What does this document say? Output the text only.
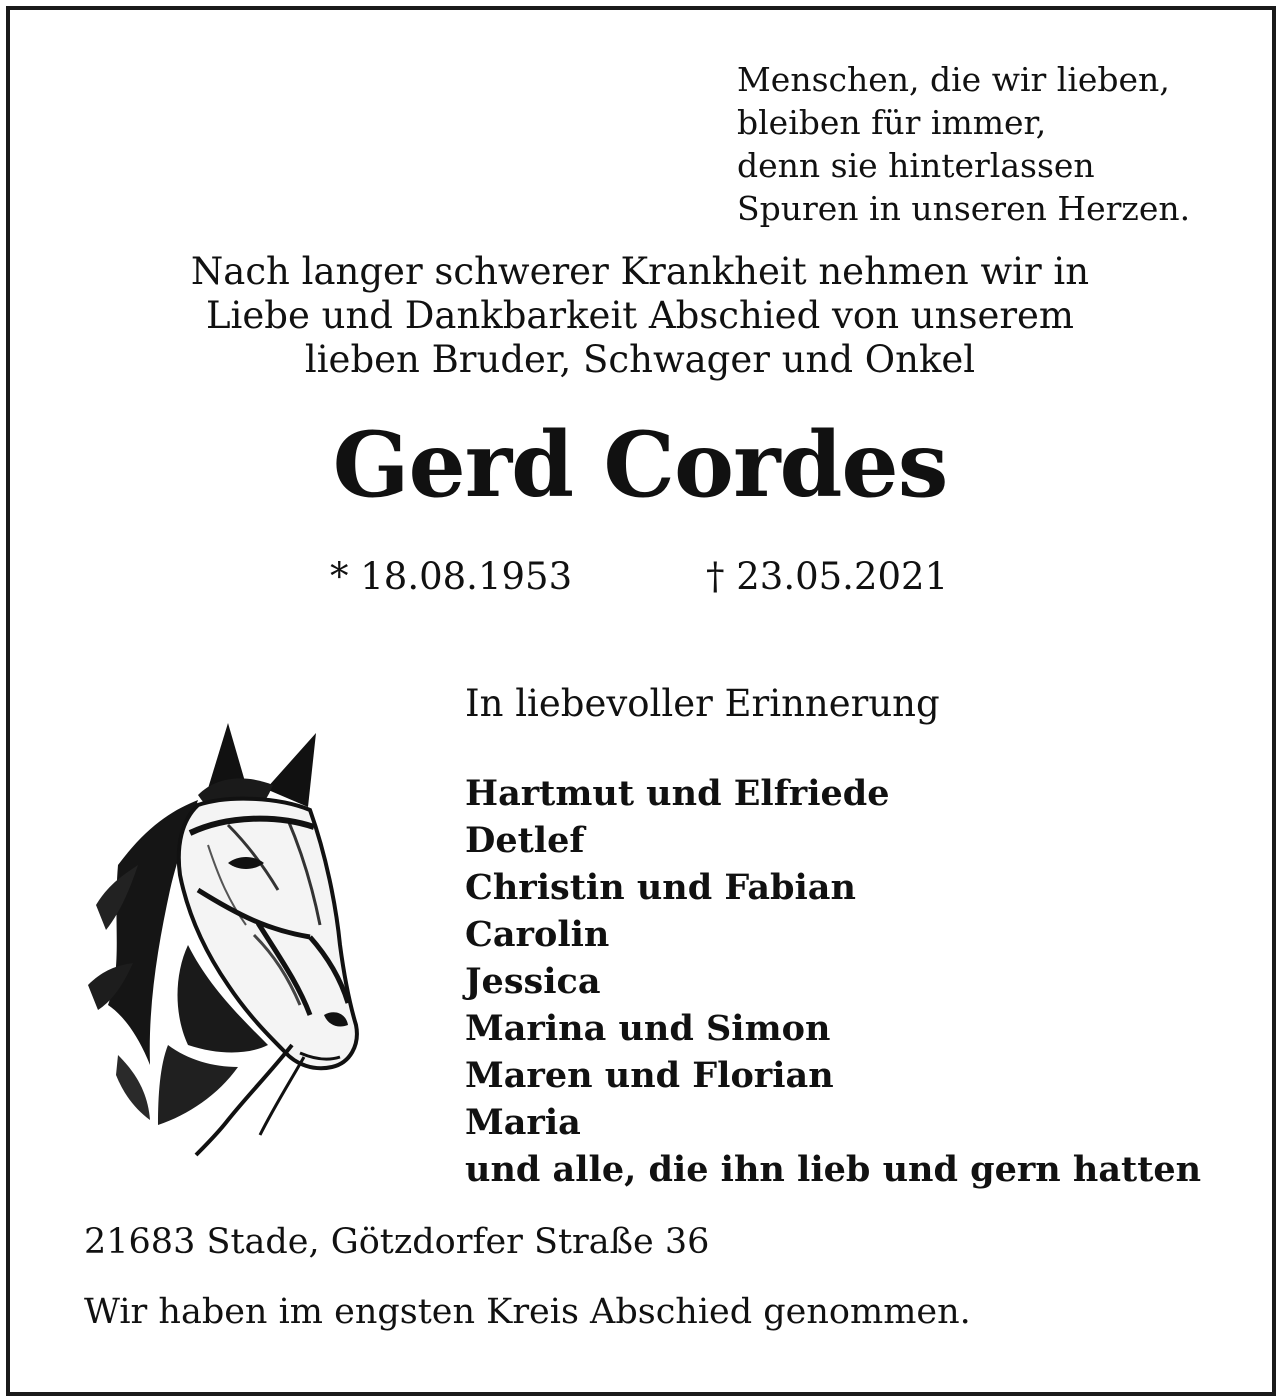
Menschen, die wir lieben,
bleiben für immer,
denn sie hinterlassen
Spuren in unseren Herzen.
Nach langer schwerer Krankheit nehmen wir in
Liebe und Dankbarkeit Abschied von unserem
lieben Bruder, Schwager und Onkel
Gerd Cordes
* 18.08.1953	† 23.05.2021
In liebevoller Erinnerung
Hartmut und Elfriede
Detlef
Christin und Fabian
Carolin
Jessica
Marina und Simon
Maren und Florian
Maria
und alle, die ihn lieb und gern hatten
21683 Stade, Götzdorfer Straße 36
Wir haben im engsten Kreis Abschied genommen.
